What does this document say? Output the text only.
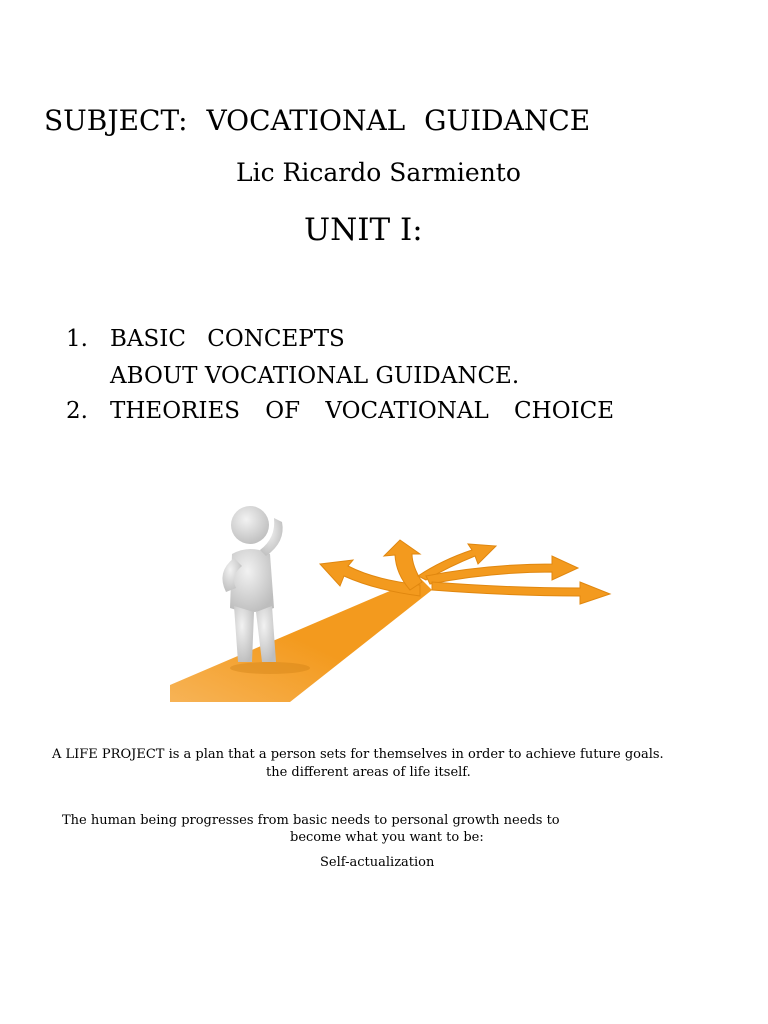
SUBJECT: VOCATIONAL GUIDANCE
Lic Ricardo Sarmiento
UNIT I:
1. BASIC CONCEPTS
ABOUT VOCATIONAL GUIDANCE.
2. THEORIES OF VOCATIONAL CHOICE
A LIFE PROJECT is a plan that a person sets for themselves in order to achieve future goals.
the different areas of life itself.
The human being progresses from basic needs to personal growth needs to
become what you want to be:
Self-actualization
